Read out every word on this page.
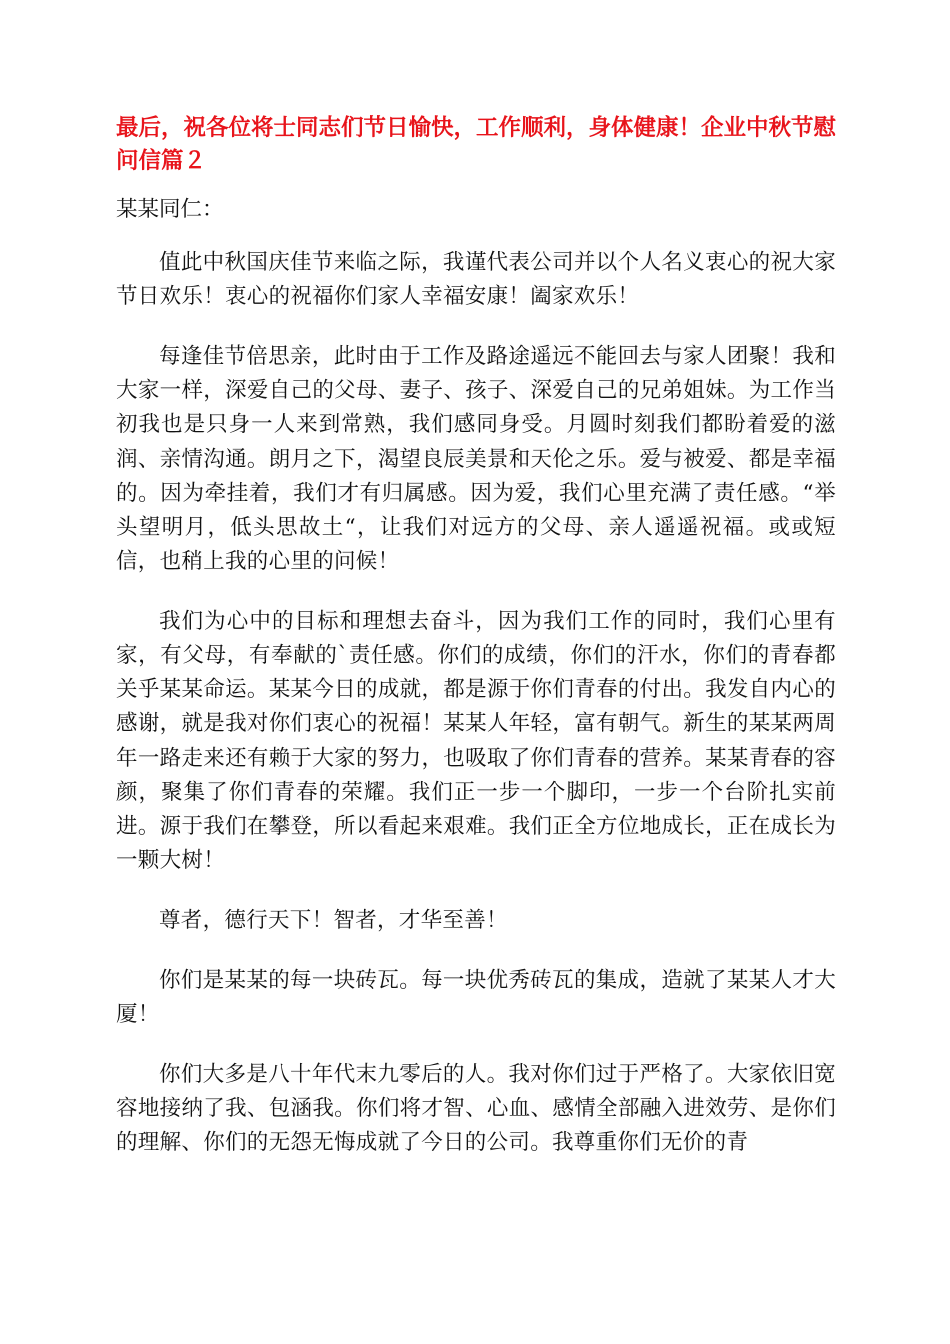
最后，祝各位将士同志们节日愉快，工作顺利，身体健康！企业中秋节慰问信篇２

某某同仁：

值此中秋国庆佳节来临之际，我谨代表公司并以个人名义衷心的祝大家节日欢乐！衷心的祝福你们家人幸福安康！阖家欢乐！

每逢佳节倍思亲，此时由于工作及路途遥远不能回去与家人团聚！我和大家一样，深爱自己的父母、妻子、孩子、深爱自己的兄弟姐妹。为工作当初我也是只身一人来到常熟，我们感同身受。月圆时刻我们都盼着爱的滋润、亲情沟通。朗月之下，渴望良辰美景和天伦之乐。爱与被爱、都是幸福的。因为牵挂着，我们才有归属感。因为爱，我们心里充满了责任感。“举头望明月，低头思故土“，让我们对远方的父母、亲人遥遥祝福。或或短信，也稍上我的心里的问候！

我们为心中的目标和理想去奋斗，因为我们工作的同时，我们心里有家，有父母，有奉献的`责任感。你们的成绩，你们的汗水，你们的青春都关乎某某命运。某某今日的成就，都是源于你们青春的付出。我发自内心的感谢，就是我对你们衷心的祝福！某某人年轻，富有朝气。新生的某某两周年一路走来还有赖于大家的努力，也吸取了你们青春的营养。某某青春的容颜，聚集了你们青春的荣耀。我们正一步一个脚印，一步一个台阶扎实前进。源于我们在攀登，所以看起来艰难。我们正全方位地成长，正在成长为一颗大树！

尊者，德行天下！智者，才华至善！

你们是某某的每一块砖瓦。每一块优秀砖瓦的集成，造就了某某人才大厦！

你们大多是八十年代末九零后的人。我对你们过于严格了。大家依旧宽容地接纳了我、包涵我。你们将才智、心血、感情全部融入进效劳、是你们的理解、你们的无怨无悔成就了今日的公司。我尊重你们无价的青
